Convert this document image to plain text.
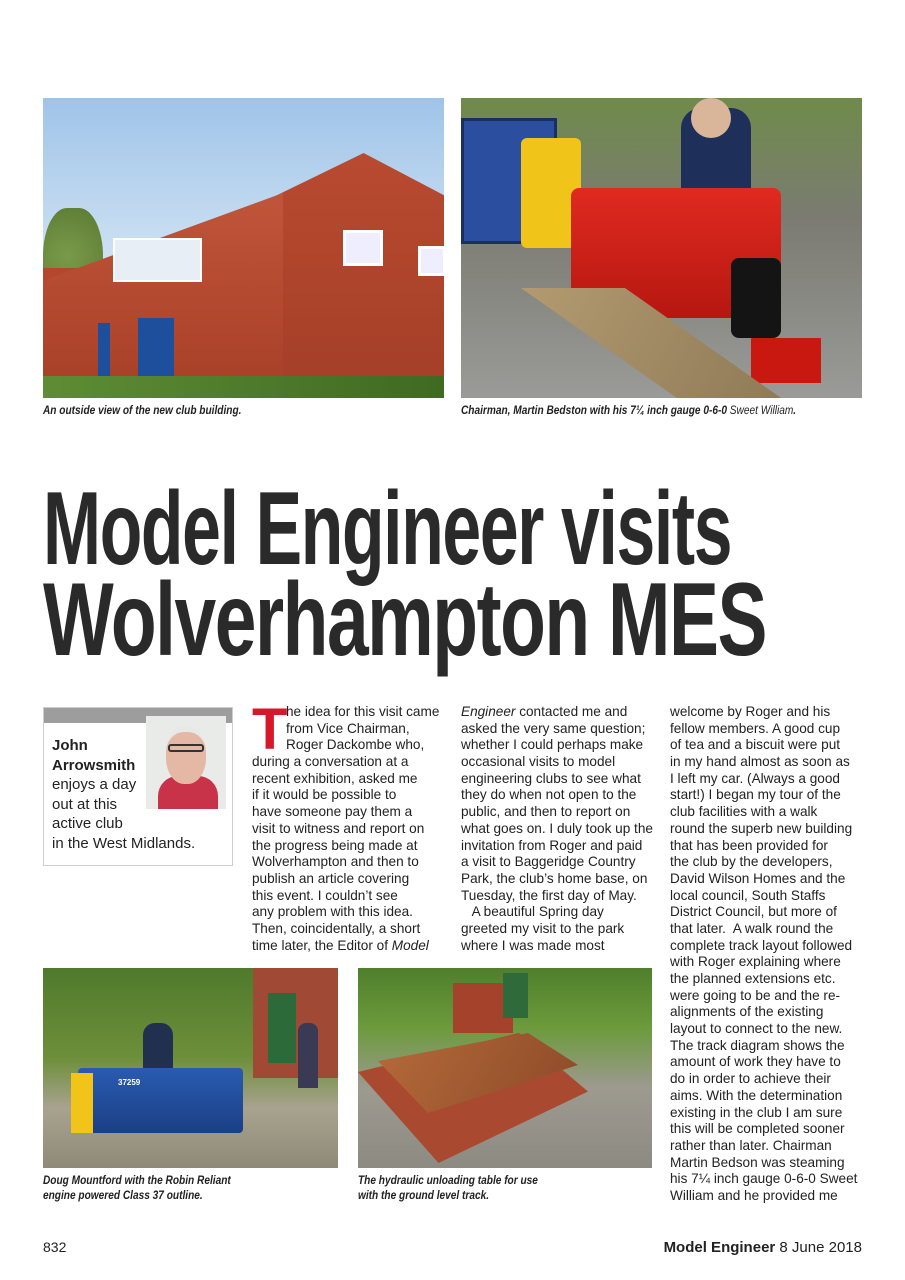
An outside view of the new club building.	Chairman, Martin Bedston with his 7¼ inch gauge 0-6-0 Sweet William.
Model Engineer visits
Wolverhampton MES
John
Arrowsmith
enjoys a day
out at this
active club
in the West Midlands.
T
he idea for this visit came
from Vice Chairman,
Roger Dackombe who,
during a conversation at a
recent exhibition, asked me
if it would be possible to
have someone pay them a
visit to witness and report on
the progress being made at
Wolverhampton and then to
publish an article covering
this event. I couldn’t see
any problem with this idea.
Then, coincidentally, a short
time later, the Editor of Model
Engineer contacted me and
asked the very same question;
whether I could perhaps make
occasional visits to model
engineering clubs to see what
they do when not open to the
public, and then to report on
what goes on. I duly took up the
invitation from Roger and paid
a visit to Baggeridge Country
Park, the club’s home base, on
Tuesday, the first day of May.
A beautiful Spring day
greeted my visit to the park
where I was made most
welcome by Roger and his
fellow members. A good cup
of tea and a biscuit were put
in my hand almost as soon as
I left my car. (Always a good
start!) I began my tour of the
club facilities with a walk
round the superb new building
that has been provided for
the club by the developers,
David Wilson Homes and the
local council, South Staffs
District Council, but more of
that later.  A walk round the
complete track layout followed
with Roger explaining where
the planned extensions etc.
were going to be and the re-
alignments of the existing
layout to connect to the new.
The track diagram shows the
amount of work they have to
do in order to achieve their
aims. With the determination
existing in the club I am sure
this will be completed sooner
rather than later. Chairman
Martin Bedson was steaming
his 7¼ inch gauge 0-6-0 Sweet
William and he provided me
37259
Doug Mountford with the Robin Reliant
engine powered Class 37 outline.
The hydraulic unloading table for use
with the ground level track.
832	Model Engineer 8 June 2018
